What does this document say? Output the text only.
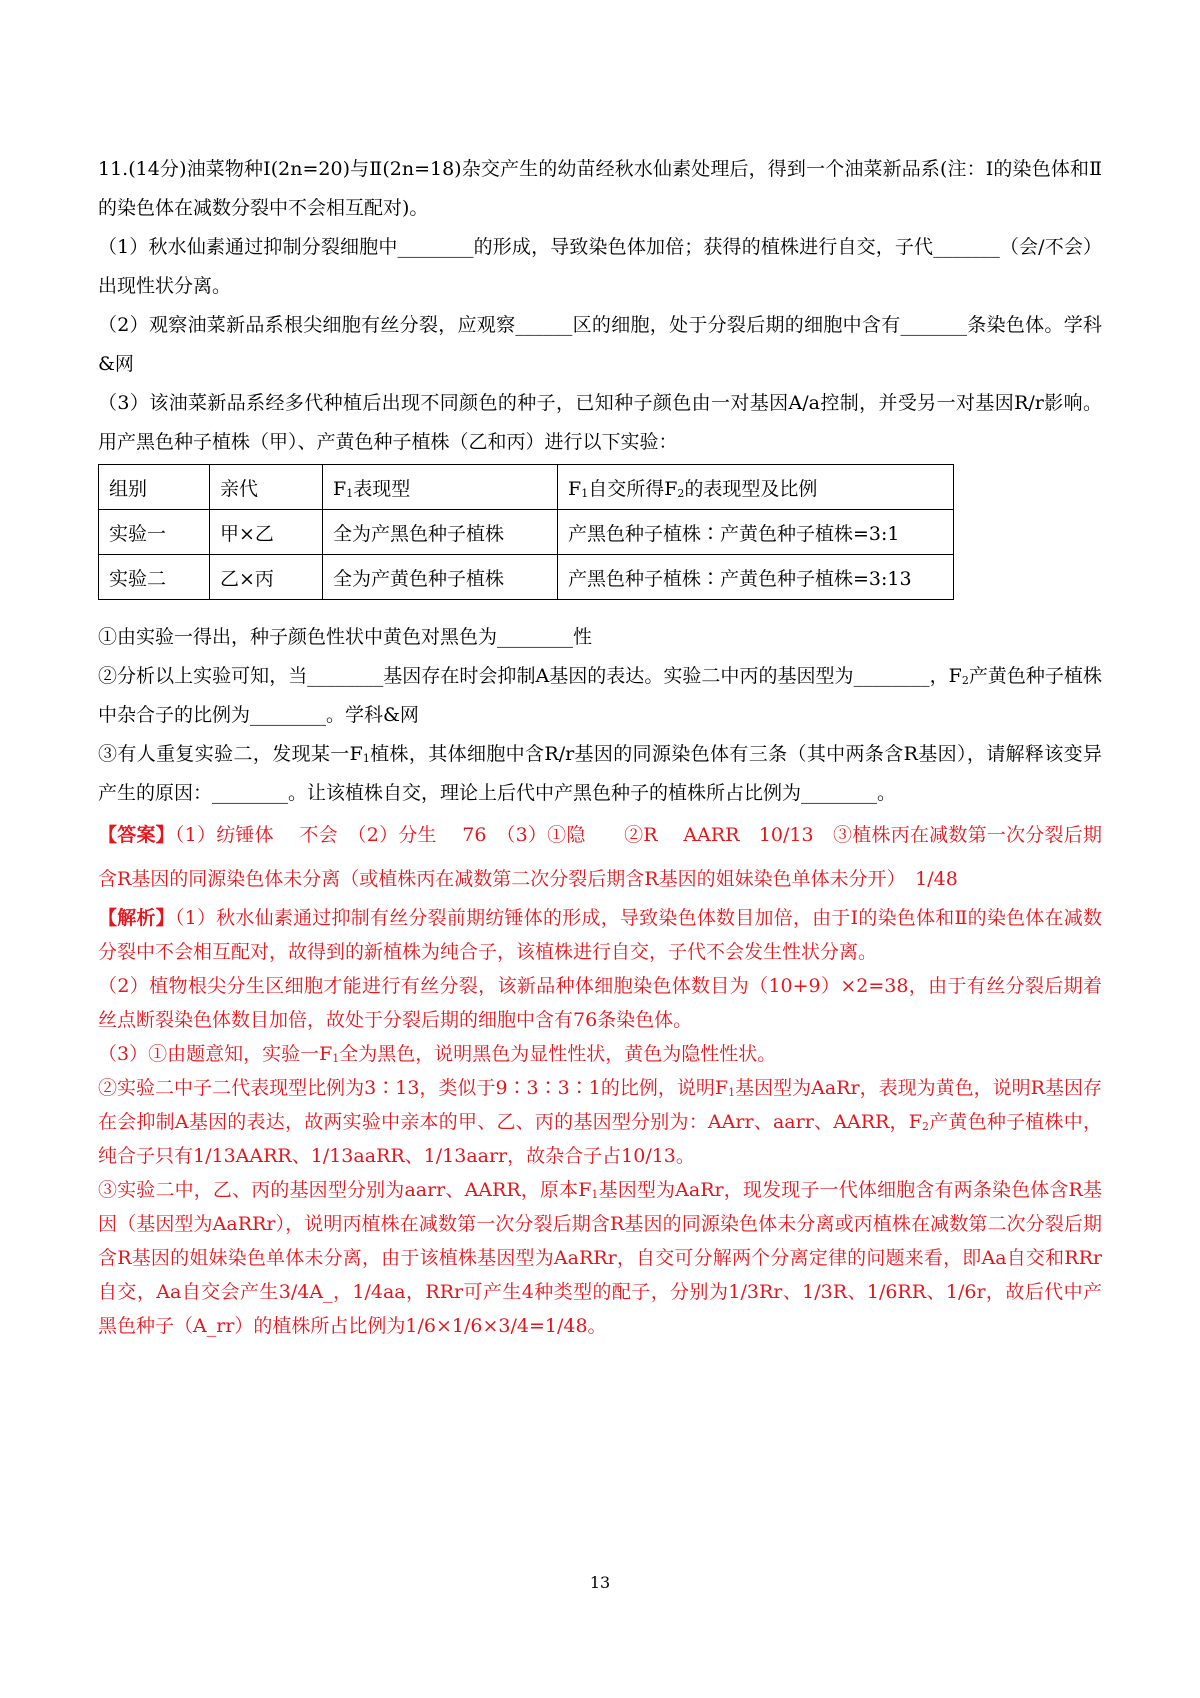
11.(14分)油菜物种Ⅰ(2n=20)与Ⅱ(2n=18)杂交产生的幼苗经秋水仙素处理后，得到一个油菜新品系(注：Ⅰ的染色体和Ⅱ的染色体在减数分裂中不会相互配对)。

（1）秋水仙素通过抑制分裂细胞中________的形成，导致染色体加倍；获得的植株进行自交，子代_______（会/不会）出现性状分离。

（2）观察油菜新品系根尖细胞有丝分裂，应观察______区的细胞，处于分裂后期的细胞中含有_______条染色体。学科&网

（3）该油菜新品系经多代种植后出现不同颜色的种子，已知种子颜色由一对基因A/a控制，并受另一对基因R/r影响。用产黑色种子植株（甲）、产黄色种子植株（乙和丙）进行以下实验：

组别	亲代	$F_1$表现型	$F_1$自交所得$F_2$的表现型及比例
实验一	甲×乙	全为产黑色种子植株	产黑色种子植株∶产黄色种子植株=3:1
实验二	乙×丙	全为产黄色种子植株	产黑色种子植株∶产黄色种子植株=3:13

①由实验一得出，种子颜色性状中黄色对黑色为________性

②分析以上实验可知，当________基因存在时会抑制A基因的表达。实验二中丙的基因型为________，$F_2$产黄色种子植株中杂合子的比例为________。学科&网

③有人重复实验二，发现某一$F_1$植株，其体细胞中含R/r基因的同源染色体有三条（其中两条含R基因），请解释该变异产生的原因：________。让该植株自交，理论上后代中产黑色种子的植株所占比例为________。

【答案】（1）纺锤体　 不会　（2）分生　 76　（3）①隐　　②R　 AARR　10/13　③植株丙在减数第一次分裂后期含R基因的同源染色体未分离（或植株丙在减数第二次分裂后期含R基因的姐妹染色单体未分开）　1/48

【解析】（1）秋水仙素通过抑制有丝分裂前期纺锤体的形成，导致染色体数目加倍，由于Ⅰ的染色体和Ⅱ的染色体在减数分裂中不会相互配对，故得到的新植株为纯合子，该植株进行自交，子代不会发生性状分离。

（2）植物根尖分生区细胞才能进行有丝分裂，该新品种体细胞染色体数目为（10+9）×2=38，由于有丝分裂后期着丝点断裂染色体数目加倍，故处于分裂后期的细胞中含有76条染色体。

（3）①由题意知，实验一$F_1$全为黑色，说明黑色为显性性状，黄色为隐性性状。

②实验二中子二代表现型比例为3∶13，类似于9∶3∶3∶1的比例，说明$F_1$基因型为AaRr，表现为黄色，说明R基因存在会抑制A基因的表达，故两实验中亲本的甲、乙、丙的基因型分别为：AArr、aarr、AARR，$F_2$产黄色种子植株中，纯合子只有1/13AARR、1/13aaRR、1/13aarr，故杂合子占10/13。

③实验二中，乙、丙的基因型分别为aarr、AARR，原本$F_1$基因型为AaRr，现发现子一代体细胞含有两条染色体含R基因（基因型为AaRRr），说明丙植株在减数第一次分裂后期含R基因的同源染色体未分离或丙植株在减数第二次分裂后期含R基因的姐妹染色单体未分离，由于该植株基因型为AaRRr，自交可分解两个分离定律的问题来看，即Aa自交和RRr自交，Aa自交会产生3/4A_，1/4aa，RRr可产生4种类型的配子，分别为1/3Rr、1/3R、1/6RR、1/6r，故后代中产黑色种子（A_rr）的植株所占比例为1/6×1/6×3/4=1/48。

13
